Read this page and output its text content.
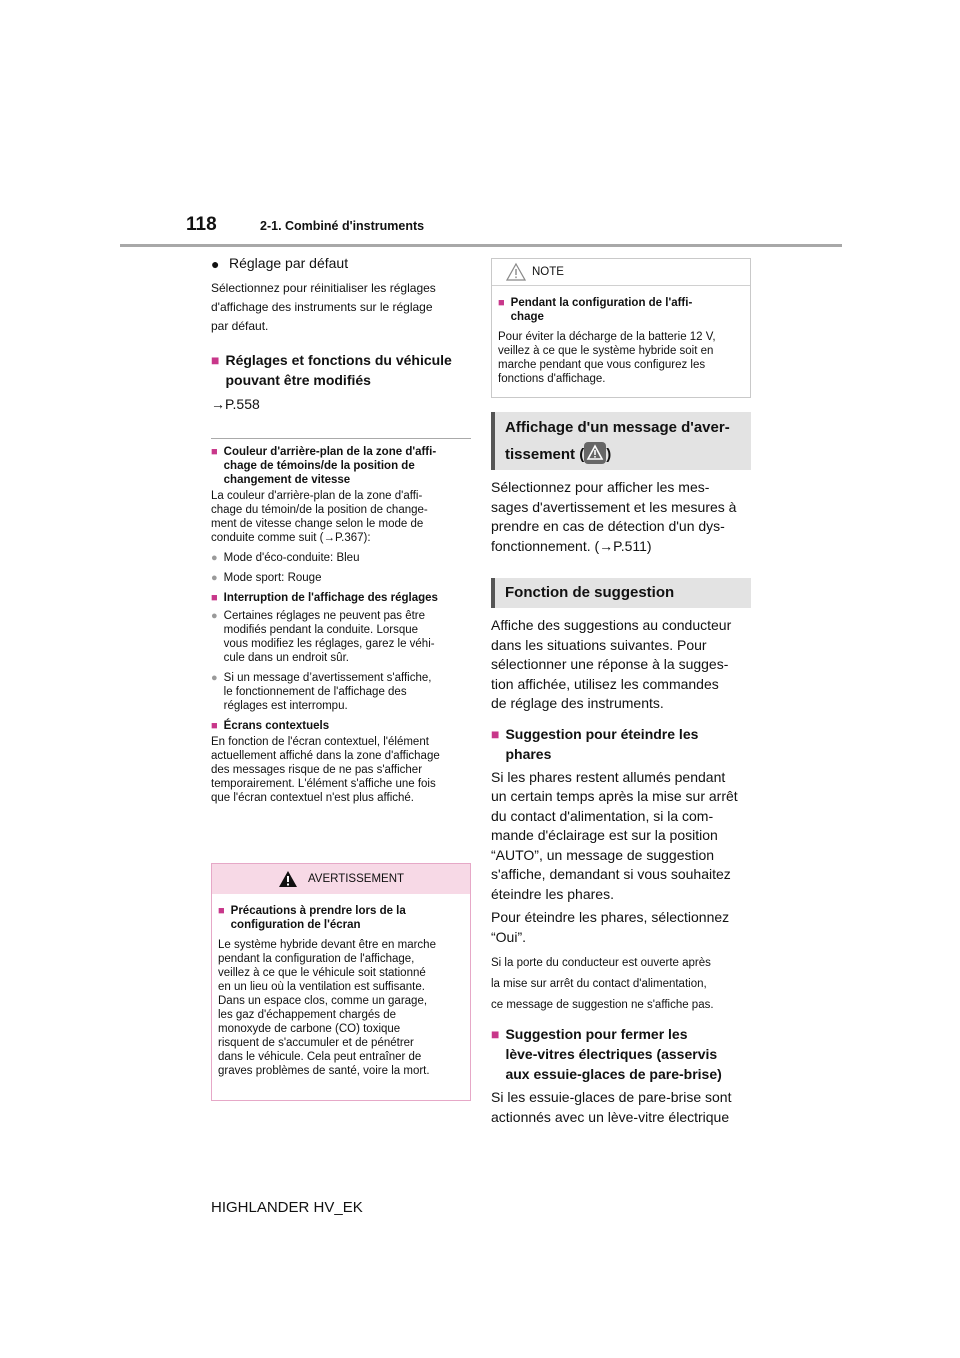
118	2-1. Combiné d'instruments
● Réglage par défaut

Sélectionnez pour réinitialiser les réglages

d'affichage des instruments sur le réglage

par défaut.

■ Réglages et fonctions du véhicule
pouvant être modifiés

→P.558

■ Couleur d'arrière-plan de la zone d'affi-
chage de témoins/de la position de
changement de vitesse
La couleur d'arrière-plan de la zone d'affi-
chage du témoin/de la position de change-
ment de vitesse change selon le mode de
conduite comme suit (→P.367):
● Mode d'éco-conduite: Bleu
● Mode sport: Rouge
■ Interruption de l'affichage des réglages
● Certaines réglages ne peuvent pas être
modifiés pendant la conduite. Lorsque
vous modifiez les réglages, garez le véhi-
cule dans un endroit sûr.
● Si un message d’avertissement s'affiche,
le fonctionnement de l'affichage des
réglages est interrompu.
■ Écrans contextuels
En fonction de l'écran contextuel, l'élément
actuellement affiché dans la zone d'affichage
des messages risque de ne pas s'afficher
temporairement. L'élément s'affiche une fois
que l'écran contextuel n'est plus affiché.
AVERTISSEMENT
■ Précautions à prendre lors de la
configuration de l'écran
Le système hybride devant être en marche
pendant la configuration de l'affichage,
veillez à ce que le véhicule soit stationné
en un lieu où la ventilation est suffisante.
Dans un espace clos, comme un garage,
les gaz d'échappement chargés de
monoxyde de carbone (CO) toxique
risquent de s'accumuler et de pénétrer
dans le véhicule. Cela peut entraîner de
graves problèmes de santé, voire la mort.
NOTE
■ Pendant la configuration de l'affi-
chage
Pour éviter la décharge de la batterie 12 V,
veillez à ce que le système hybride soit en
marche pendant que vous configurez les
fonctions d'affichage.
Affichage d'un message d'aver-
tissement ( )

Sélectionnez pour afficher les mes-

sages d'avertissement et les mesures à

prendre en cas de détection d'un dys-

fonctionnement. (→P.511)

Fonction de suggestion

Affiche des suggestions au conducteur

dans les situations suivantes. Pour

sélectionner une réponse à la sugges-

tion affichée, utilisez les commandes

de réglage des instruments.

■ Suggestion pour éteindre les
phares

Si les phares restent allumés pendant

un certain temps après la mise sur arrêt

du contact d'alimentation, si la com-

mande d'éclairage est sur la position

“AUTO”, un message de suggestion

s'affiche, demandant si vous souhaitez

éteindre les phares.

Pour éteindre les phares, sélectionnez

“Oui”.

Si la porte du conducteur est ouverte après

la mise sur arrêt du contact d'alimentation,

ce message de suggestion ne s'affiche pas.

■ Suggestion pour fermer les
lève-vitres électriques (asservis
aux essuie-glaces de pare-brise)

Si les essuie-glaces de pare-brise sont

actionnés avec un lève-vitre électrique

HIGHLANDER HV_EK
